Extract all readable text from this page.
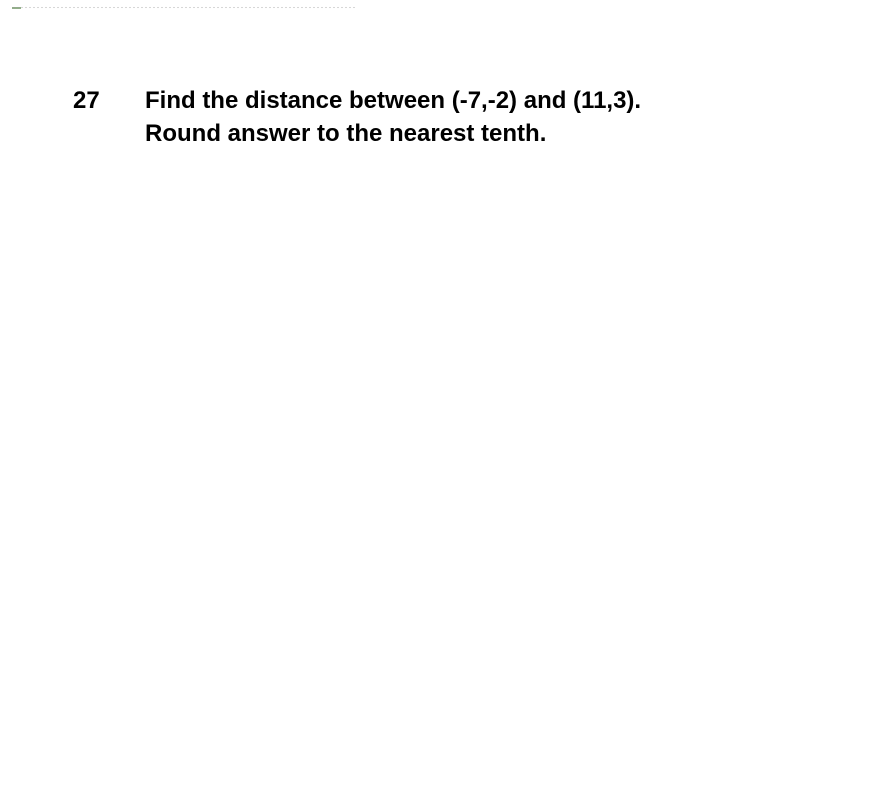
27	Find the distance between (-7,-2) and (11,3).
Round answer to the nearest tenth.
